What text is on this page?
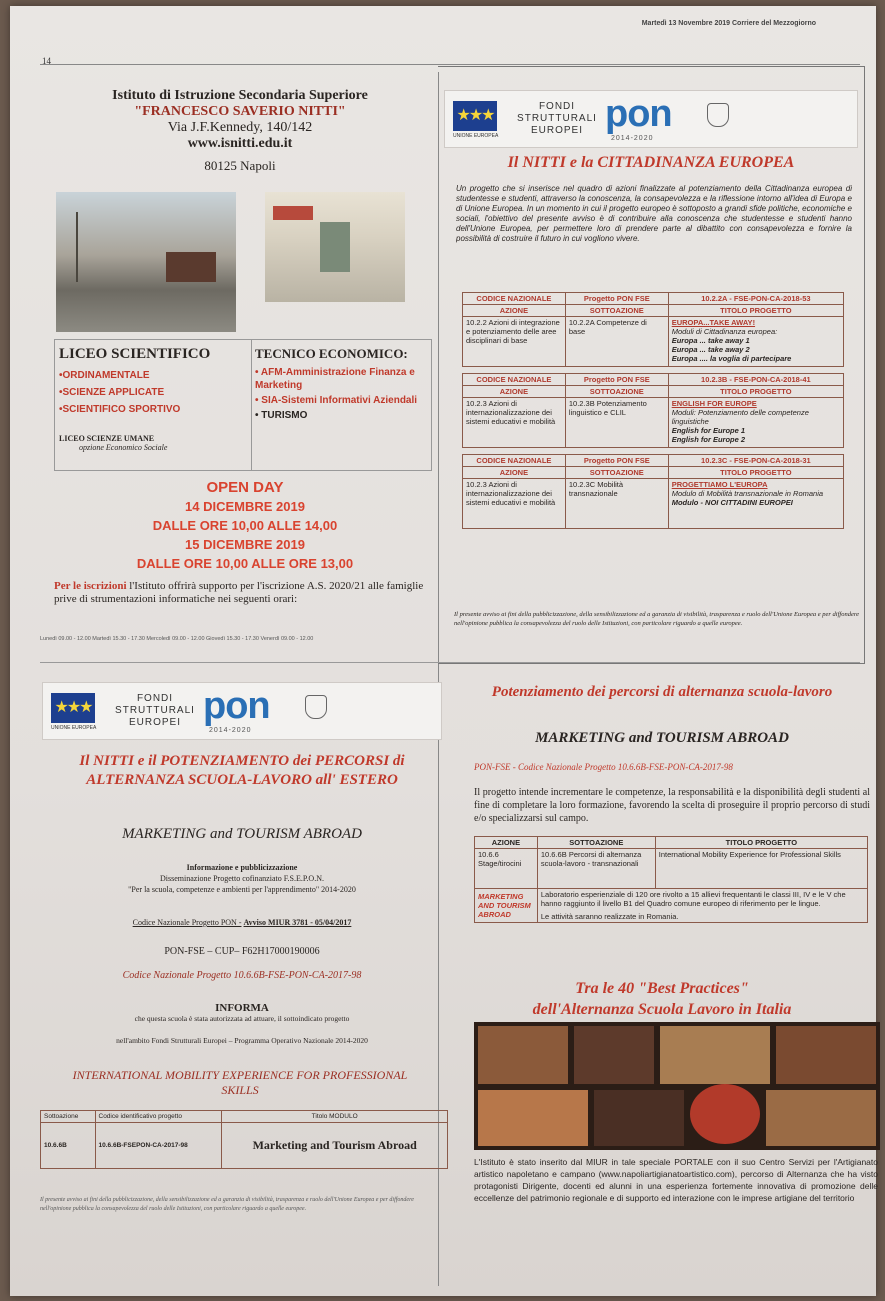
Martedì 13 Novembre 2019 Corriere del Mezzogiorno
14
Istituto di Istruzione Secondaria Superiore
"FRANCESCO SAVERIO NITTI"
Via J.F.Kennedy, 140/142
www.isnitti.edu.it
80125 Napoli
LICEO SCIENTIFICO
•ORDINAMENTALE
•SCIENZE APPLICATE
•SCIENTIFICO SPORTIVO
LICEO SCIENZE UMANE
opzione Economico Sociale
TECNICO ECONOMICO:
• AFM-Amministrazione Finanza e Marketing
• SIA-Sistemi Informativi Aziendali
• TURISMO
OPEN DAY
14 DICEMBRE 2019
DALLE ORE 10,00 ALLE 14,00
15 DICEMBRE 2019
DALLE ORE 10,00 ALLE ORE 13,00
Per le iscrizioni l'Istituto offrirà supporto per l'iscrizione A.S. 2020/21 alle famiglie prive di strumentazioni informatiche nei seguenti orari:
Lunedì 09.00 - 12.00 Martedì 15.30 - 17.30 Mercoledì 09.00 - 12.00 Giovedì 15.30 - 17.30 Venerdì 09.00 - 12.00
★★★
UNIONE EUROPEA
FONDI STRUTTURALI EUROPEI pon
2014-2020
Il NITTI e la CITTADINANZA EUROPEA
Un progetto che si inserisce nel quadro di azioni finalizzate al potenziamento della Cittadinanza europea di studentesse e studenti, attraverso la conoscenza, la consapevolezza e la riflessione intorno all'idea di Europa e di Unione Europea. In un momento in cui il progetto europeo è sottoposto a grandi sfide politiche, economiche e sociali, l'obiettivo del presente avviso è di contribuire alla conoscenza che studentesse e studenti hanno dell'Unione Europea, per permettere loro di prendere parte al dibattito con consapevolezza e fornire la possibilità di costruire il futuro in cui vogliono vivere.
CODICE NAZIONALE	Progetto PON FSE	10.2.2A - FSE-PON-CA-2018-53
AZIONE	SOTTOAZIONE	TITOLO PROGETTO
10.2.2 Azioni di integrazione e potenziamento delle aree disciplinari di base	10.2.2A Competenze di base	EUROPA...TAKE AWAY!
Moduli di Cittadinanza europea:
Europa ... take away 1
Europa ... take away 2
Europa .... la voglia di partecipare
CODICE NAZIONALE	Progetto PON FSE	10.2.3B - FSE-PON-CA-2018-41
AZIONE	SOTTOAZIONE	TITOLO PROGETTO
10.2.3 Azioni di internazionalizzazione dei sistemi educativi e mobilità	10.2.3B Potenziamento linguistico e CLIL	ENGLISH FOR EUROPE
Moduli: Potenziamento delle competenze linguistiche
English for Europe 1
English for Europe 2
CODICE NAZIONALE	Progetto PON FSE	10.2.3C - FSE-PON-CA-2018-31
AZIONE	SOTTOAZIONE	TITOLO PROGETTO
10.2.3 Azioni di internazionalizzazione dei sistemi educativi e mobilità	10.2.3C Mobilità transnazionale	PROGETTIAMO L'EUROPA
Modulo di Mobilità transnazionale in Romania
Modulo - NOI CITTADINI EUROPEI
Il presente avviso ai fini della pubblicizzazione, della sensibilizzazione ed a garanzia di visibilità, trasparenza e ruolo dell'Unione Europea e per diffondere nell'opinione pubblica la consapevolezza del ruolo delle Istituzioni, con particolare riguardo a quelle europee.
★★★
UNIONE EUROPEA
FONDI STRUTTURALI EUROPEI pon
2014-2020
Il NITTI e il POTENZIAMENTO dei PERCORSI di ALTERNANZA SCUOLA-LAVORO all' ESTERO
MARKETING and TOURISM ABROAD
Informazione e pubblicizzazione
Disseminazione Progetto cofinanziato F.S.E.P.O.N.
"Per la scuola, competenze e ambienti per l'apprendimento" 2014-2020
Codice Nazionale Progetto PON - Avviso MIUR 3781 - 05/04/2017
PON-FSE – CUP– F62H17000190006
Codice Nazionale Progetto 10.6.6B-FSE-PON-CA-2017-98
INFORMA
che questa scuola è stata autorizzata ad attuare, il sottoindicato progetto
nell'ambito Fondi Strutturali Europei – Programma Operativo Nazionale 2014-2020
INTERNATIONAL MOBILITY EXPERIENCE FOR PROFESSIONAL SKILLS
Sottoazione	Codice identificativo progetto	Titolo MODULO
10.6.6B	10.6.6B-FSEPON-CA-2017-98	Marketing and Tourism Abroad
Il presente avviso ai fini della pubblicizzazione, della sensibilizzazione ed a garanzia di visibilità, trasparenza e ruolo dell'Unione Europea e per diffondere nell'opinione pubblica la consapevolezza del ruolo delle Istituzioni, con particolare riguardo a quelle europee.
Potenziamento dei percorsi di alternanza scuola-lavoro
MARKETING and TOURISM ABROAD
PON-FSE - Codice Nazionale Progetto 10.6.6B-FSE-PON-CA-2017-98
Il progetto intende incrementare le competenze, la responsabilità e la disponibilità degli studenti al fine di completare la loro formazione, favorendo la scelta di proseguire il proprio percorso di studi e/o specializzarsi sul campo.
AZIONE	SOTTOAZIONE	TITOLO PROGETTO
10.6.6 Stage/tirocini	10.6.6B Percorsi di alternanza scuola-lavoro - transnazionali	International Mobility Experience for Professional Skills
MARKETING AND TOURISM ABROAD	Laboratorio esperienziale di 120 ore rivolto a 15 allievi frequentanti le classi III, IV e le V che hanno raggiunto il livello B1 del Quadro comune europeo di riferimento per le lingue.
Le attività saranno realizzate in Romania.	
Tra le 40 "Best Practices"
dell'Alternanza Scuola Lavoro in Italia
L'Istituto è stato inserito dal MIUR in tale speciale PORTALE con il suo Centro Servizi per l'Artigianato artistico napoletano e campano (www.napoliartigianatoartistico.com), percorso di Alternanza che ha visto protagonisti Dirigente, docenti ed alunni in una esperienza fortemente innovativa di promozione delle eccellenze del patrimonio regionale e di supporto ed interazione con le imprese artigiane del territorio
